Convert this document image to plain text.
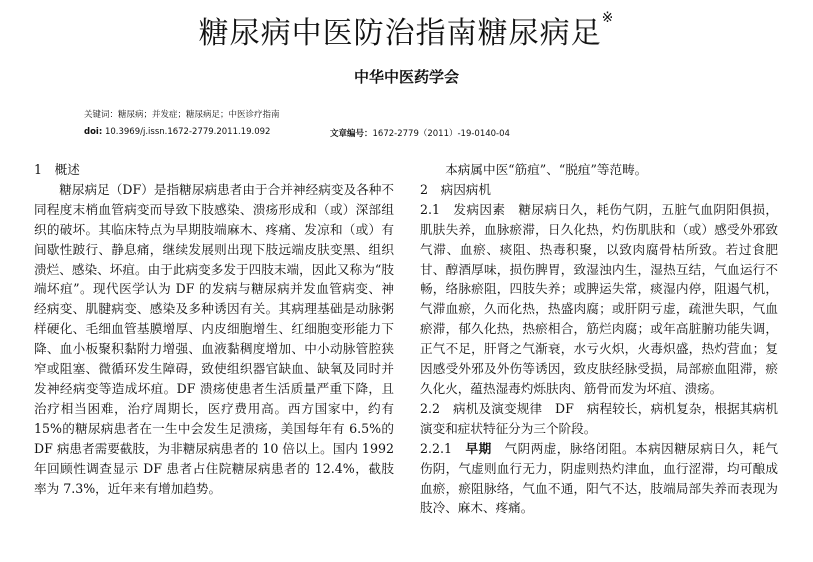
糖尿病中医防治指南糖尿病足※
中华中医药学会
关键词：糖尿病；并发症；糖尿病足；中医诊疗指南
doi: 10.3969/j.issn.1672-2779.2011.19.092	文章编号：1672-2779（2011）-19-0140-04

1　概述

糖尿病足（DF）是指糖尿病患者由于合并神经病变及各种不同程度末梢血管病变而导致下肢感染、溃疡形成和（或）深部组织的破坏。其临床特点为早期肢端麻木、疼痛、发凉和（或）有间歇性跛行、静息痛，继续发展则出现下肢远端皮肤变黑、组织溃烂、感染、坏疽。由于此病变多发于四肢末端，因此又称为“肢端坏疽”。现代医学认为 DF 的发病与糖尿病并发血管病变、神经病变、肌腱病变、感染及多种诱因有关。其病理基础是动脉粥样硬化、毛细血管基膜增厚、内皮细胞增生、红细胞变形能力下降、血小板聚积黏附力增强、血液黏稠度增加、中小动脉管腔狭窄或阻塞、微循环发生障碍，致使组织器官缺血、缺氧及同时并发神经病变等造成坏疽。DF 溃疡使患者生活质量严重下降，且治疗相当困难，治疗周期长，医疗费用高。西方国家中，约有 15%的糖尿病患者在一生中会发生足溃疡，美国每年有 6.5%的 DF 病患者需要截肢，为非糖尿病患者的 10 倍以上。国内 1992 年回顾性调查显示 DF 患者占住院糖尿病患者的 12.4%，截肢率为 7.3%，近年来有增加趋势。

本病属中医“筋疽”、“脱疽”等范畴。

2　病因病机

2.1　发病因素　糖尿病日久，耗伤气阴，五脏气血阴阳俱损，肌肤失养，血脉瘀滞，日久化热，灼伤肌肤和（或）感受外邪致气滞、血瘀、痰阻、热毒积聚，以致肉腐骨枯所致。若过食肥甘、醇酒厚味，损伤脾胃，致湿浊内生，湿热互结，气血运行不畅，络脉瘀阻，四肢失养；或脾运失常，痰湿内停，阻遏气机，气滞血瘀，久而化热，热盛肉腐；或肝阴亏虚，疏泄失职，气血瘀滞，郁久化热，热瘀相合，筋烂肉腐；或年高脏腑功能失调，正气不足，肝肾之气渐衰，水亏火炽，火毒炽盛，热灼营血；复因感受外邪及外伤等诱因，致皮肤经脉受损，局部瘀血阻滞，瘀久化火，蕴热湿毒灼烁肤肉、筋骨而发为坏疽、溃疡。

2.2　病机及演变规律　DF　病程较长，病机复杂，根据其病机演变和症状特征分为三个阶段。

2.2.1　早期　气阴两虚，脉络闭阻。本病因糖尿病日久，耗气伤阴，气虚则血行无力，阴虚则热灼津血，血行涩滞，均可酿成血瘀，瘀阻脉络，气血不通，阳气不达，肢端局部失养而表现为肢冷、麻木、疼痛。
